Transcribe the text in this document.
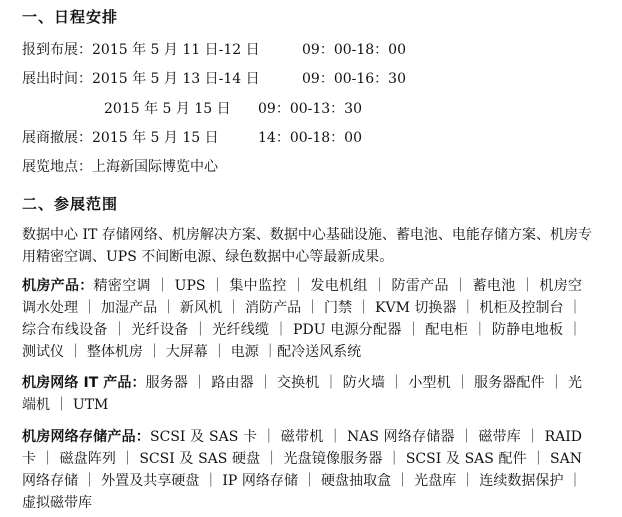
一、日程安排
报到布展：2015 年 5 月 11 日-12 日	09：00-18：00
展出时间：2015 年 5 月 13 日-14 日	09：00-16：30
2015 年 5 月 15 日 09：00-13：30
展商撤展：2015 年 5 月 15 日	14：00-18：00
展览地点：上海新国际博览中心
二、参展范围
数据中心 IT 存储网络、机房解决方案、数据中心基础设施、蓄电池、电能存储方案、机房专用精密空调、UPS 不间断电源、绿色数据中心等最新成果。
机房产品：精密空调 ｜ UPS ｜ 集中监控 ｜ 发电机组 ｜ 防雷产品 ｜ 蓄电池 ｜ 机房空调水处理 ｜ 加湿产品 ｜ 新风机 ｜ 消防产品 ｜ 门禁 ｜ KVM 切换器 ｜ 机柜及控制台 ｜ 综合布线设备 ｜ 光纤设备 ｜ 光纤线缆 ｜ PDU 电源分配器 ｜ 配电柜 ｜ 防静电地板 ｜ 测试仪 ｜ 整体机房 ｜ 大屏幕 ｜ 电源 ｜配冷送风系统
机房网络 IT 产品：服务器 ｜ 路由器 ｜ 交换机 ｜ 防火墙 ｜ 小型机 ｜ 服务器配件 ｜ 光端机 ｜ UTM
机房网络存储产品：SCSI 及 SAS 卡 ｜ 磁带机 ｜ NAS 网络存储器 ｜ 磁带库 ｜ RAID 卡 ｜ 磁盘阵列 ｜ SCSI 及 SAS 硬盘 ｜ 光盘镜像服务器 ｜ SCSI 及 SAS 配件 ｜ SAN 网络存储 ｜ 外置及共享硬盘 ｜ IP 网络存储 ｜ 硬盘抽取盒 ｜ 光盘库 ｜ 连续数据保护 ｜ 虚拟磁带库
